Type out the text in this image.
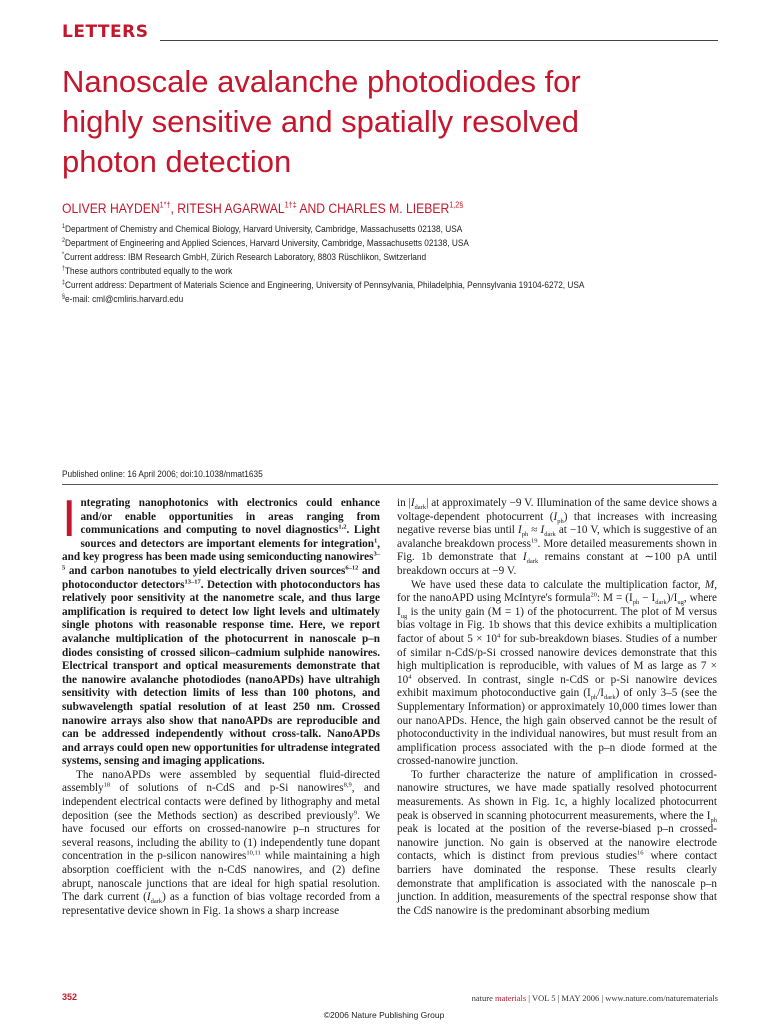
LETTERS
Nanoscale avalanche photodiodes for
highly sensitive and spatially resolved
photon detection
OLIVER $HAYDEN^{1*\dagger}$, RITESH $AGARWAL^{1\dagger\ddagger}$ AND CHARLES M. $LIEBER^{1,2\S}$
$^1$Department of Chemistry and Chemical Biology, Harvard University, Cambridge, Massachusetts 02138, USA
$^2$Department of Engineering and Applied Sciences, Harvard University, Cambridge, Massachusetts 02138, USA
*Current address: IBM Research GmbH, Zürich Research Laboratory, 8803 Rüschlikon, Switzerland
†These authors contributed equally to the work
‡Current address: Department of Materials Science and Engineering, University of Pennsylvania, Philadelphia, Pennsylvania 19104-6272, USA
§e-mail: cml@cmliris.harvard.edu
Published online: 16 April 2006; doi:10.1038/nmat1635

Integrating nanophotonics with electronics could enhance and/or enable opportunities in areas ranging from communications and computing to novel diagnostics$^{1,2}$. Light sources and detectors are important elements for integration$^1$, and key progress has been made using semiconducting nanowires$^{3-5}$ and carbon nanotubes to yield electrically driven sources$^{6-12}$ and photoconductor detectors$^{13-17}$. Detection with photoconductors has relatively poor sensitivity at the nanometre scale, and thus large amplification is required to detect low light levels and ultimately single photons with reasonable response time. Here, we report avalanche multiplication of the photocurrent in nanoscale p–n diodes consisting of crossed silicon–cadmium sulphide nanowires. Electrical transport and optical measurements demonstrate that the nanowire avalanche photodiodes (nanoAPDs) have ultrahigh sensitivity with detection limits of less than 100 photons, and subwavelength spatial resolution of at least 250 nm. Crossed nanowire arrays also show that nanoAPDs are reproducible and can be addressed independently without cross-talk. NanoAPDs and arrays could open new opportunities for ultradense integrated systems, sensing and imaging applications.

The nanoAPDs were assembled by sequential fluid-directed assembly$^{18}$ of solutions of n-CdS and p-Si nanowires$^{8,9}$, and independent electrical contacts were defined by lithography and metal deposition (see the Methods section) as described previously$^9$. We have focused our efforts on crossed-nanowire p–n structures for several reasons, including the ability to (1) independently tune dopant concentration in the p-silicon nanowires$^{10,11}$ while maintaining a high absorption coefficient with the n-CdS nanowires, and (2) define abrupt, nanoscale junctions that are ideal for high spatial resolution. The dark current $(I_{dark})$ as a function of bias voltage recorded from a representative device shown in Fig. 1a shows a sharp increase

in $|I_{dark}|$ at approximately −9 V. Illumination of the same device shows a voltage-dependent photocurrent $(I_{ph})$ that increases with increasing negative reverse bias until $I_{ph} \approx I_{dark}$ at −10 V, which is suggestive of an avalanche breakdown process$^{19}$. More detailed measurements shown in Fig. 1b demonstrate that $I_{dark}$ remains constant at ∼100 pA until breakdown occurs at −9 V.

We have used these data to calculate the multiplication factor, M, for the nanoAPD using McIntyre's formula$^{20}$: $M = (I_{ph} - I_{dark})/I_{ug}$, where $I_{ug}$ is the unity gain (M = 1) of the photocurrent. The plot of M versus bias voltage in Fig. 1b shows that this device exhibits a multiplication factor of about $5 \times 10^4$ for sub-breakdown biases. Studies of a number of similar n-CdS/p-Si crossed nanowire devices demonstrate that this high multiplication is reproducible, with values of M as large as $7 \times 10^4$ observed. In contrast, single n-CdS or p-Si nanowire devices exhibit maximum photoconductive gain $(I_{ph}/I_{dark})$ of only 3–5 (see the Supplementary Information) or approximately 10,000 times lower than our nanoAPDs. Hence, the high gain observed cannot be the result of photoconductivity in the individual nanowires, but must result from an amplification process associated with the p–n diode formed at the crossed-nanowire junction.

To further characterize the nature of amplification in crossed-nanowire structures, we have made spatially resolved photocurrent measurements. As shown in Fig. 1c, a highly localized photocurrent peak is observed in scanning photocurrent measurements, where the $I_{ph}$ peak is located at the position of the reverse-biased p–n crossed-nanowire junction. No gain is observed at the nanowire electrode contacts, which is distinct from previous studies$^{16}$ where contact barriers have dominated the response. These results clearly demonstrate that amplification is associated with the nanoscale p–n junction. In addition, measurements of the spectral response show that the CdS nanowire is the predominant absorbing medium

352	nature materials | VOL 5 | MAY 2006 | www.nature.com/naturematerials
©2006 Nature Publishing Group
